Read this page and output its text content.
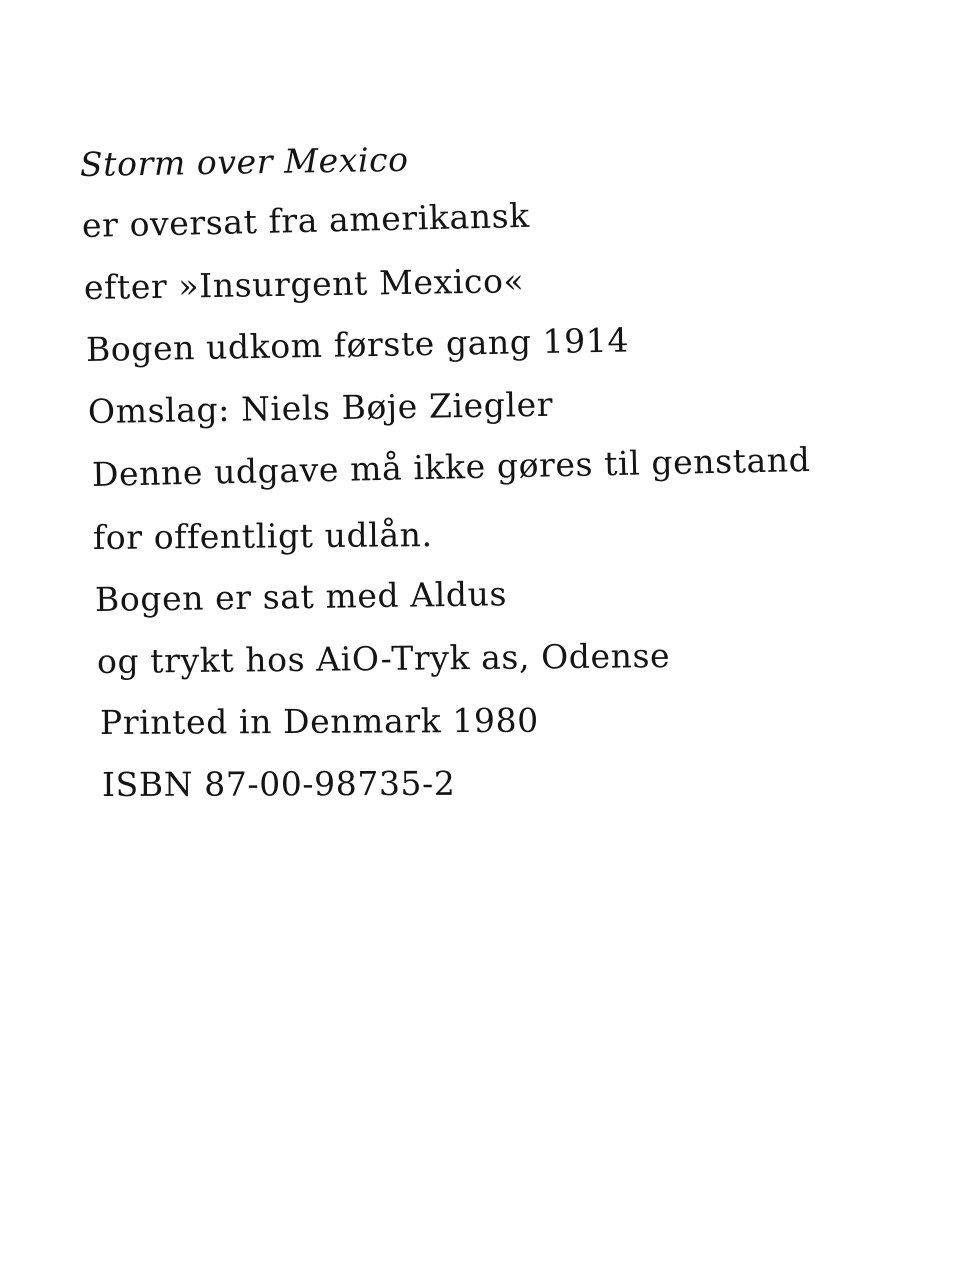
Storm over Mexico
er oversat fra amerikansk
efter »Insurgent Mexico«
Bogen udkom første gang 1914
Omslag: Niels Bøje Ziegler
Denne udgave må ikke gøres til genstand
for offentligt udlån.
Bogen er sat med Aldus
og trykt hos AiO-Tryk as, Odense
Printed in Denmark 1980
ISBN 87-00-98735-2
